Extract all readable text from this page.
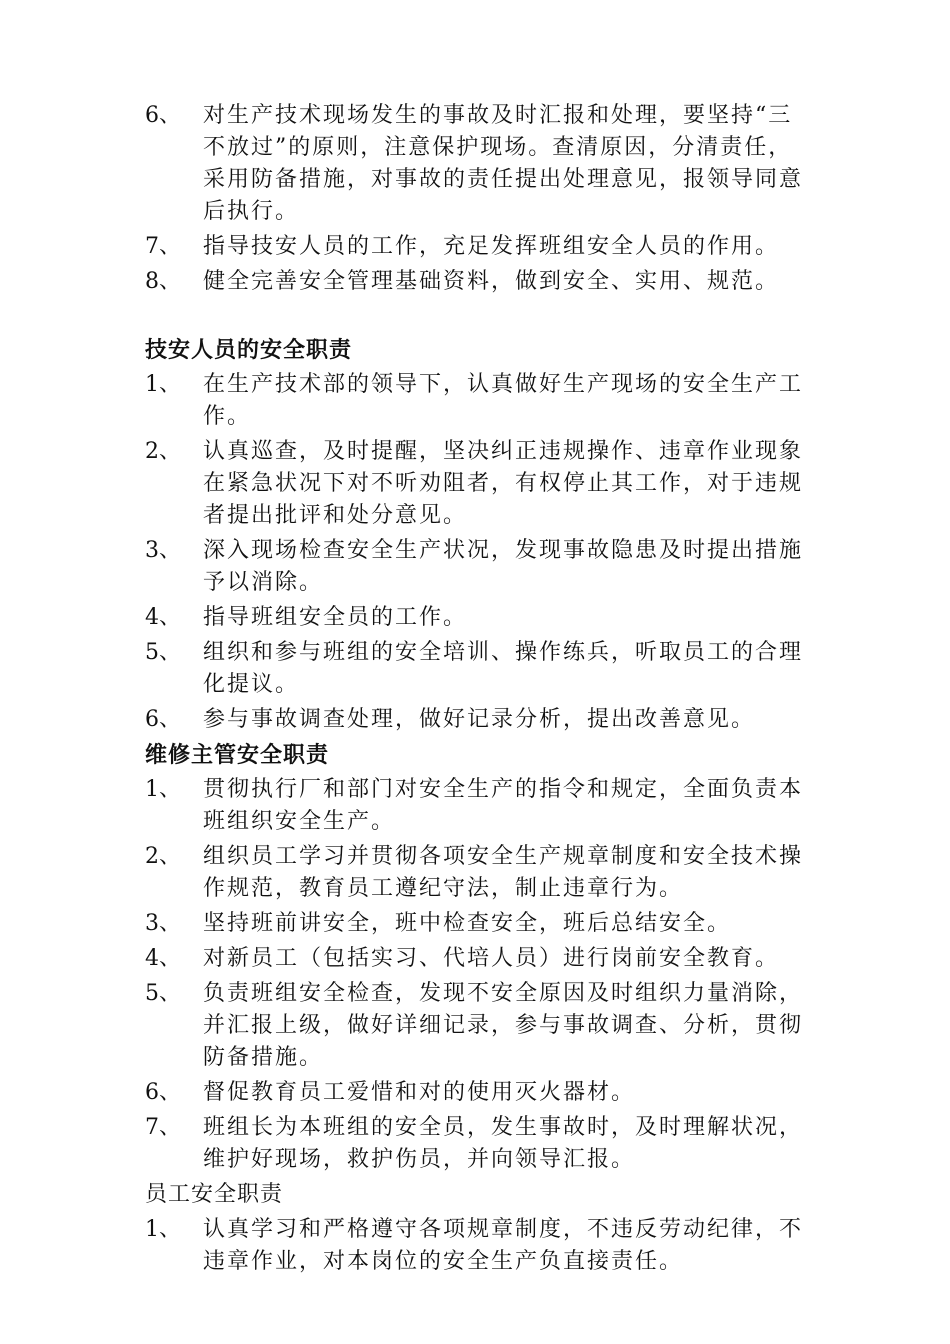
6、 对生产技术现场发生的事故及时汇报和处理，要坚持“三不放过”的原则，注意保护现场。查清原因，分清责任，采用防备措施，对事故的责任提出处理意见，报领导同意后执行。
7、 指导技安人员的工作，充足发挥班组安全人员的作用。
8、 健全完善安全管理基础资料，做到安全、实用、规范。
技安人员的安全职责
1、 在生产技术部的领导下，认真做好生产现场的安全生产工作。
2、 认真巡查，及时提醒，坚决纠正违规操作、违章作业现象在紧急状况下对不听劝阻者，有权停止其工作，对于违规者提出批评和处分意见。
3、 深入现场检查安全生产状况，发现事故隐患及时提出措施予以消除。
4、 指导班组安全员的工作。
5、 组织和参与班组的安全培训、操作练兵，听取员工的合理化提议。
6、 参与事故调查处理，做好记录分析，提出改善意见。
维修主管安全职责
1、 贯彻执行厂和部门对安全生产的指令和规定，全面负责本班组织安全生产。
2、 组织员工学习并贯彻各项安全生产规章制度和安全技术操作规范，教育员工遵纪守法，制止违章行为。
3、 坚持班前讲安全，班中检查安全，班后总结安全。
4、 对新员工（包括实习、代培人员）进行岗前安全教育。
5、 负责班组安全检查，发现不安全原因及时组织力量消除，并汇报上级，做好详细记录，参与事故调查、分析，贯彻防备措施。
6、 督促教育员工爱惜和对的使用灭火器材。
7、 班组长为本班组的安全员，发生事故时，及时理解状况，维护好现场，救护伤员，并向领导汇报。
员工安全职责
1、 认真学习和严格遵守各项规章制度，不违反劳动纪律，不违章作业，对本岗位的安全生产负直接责任。
